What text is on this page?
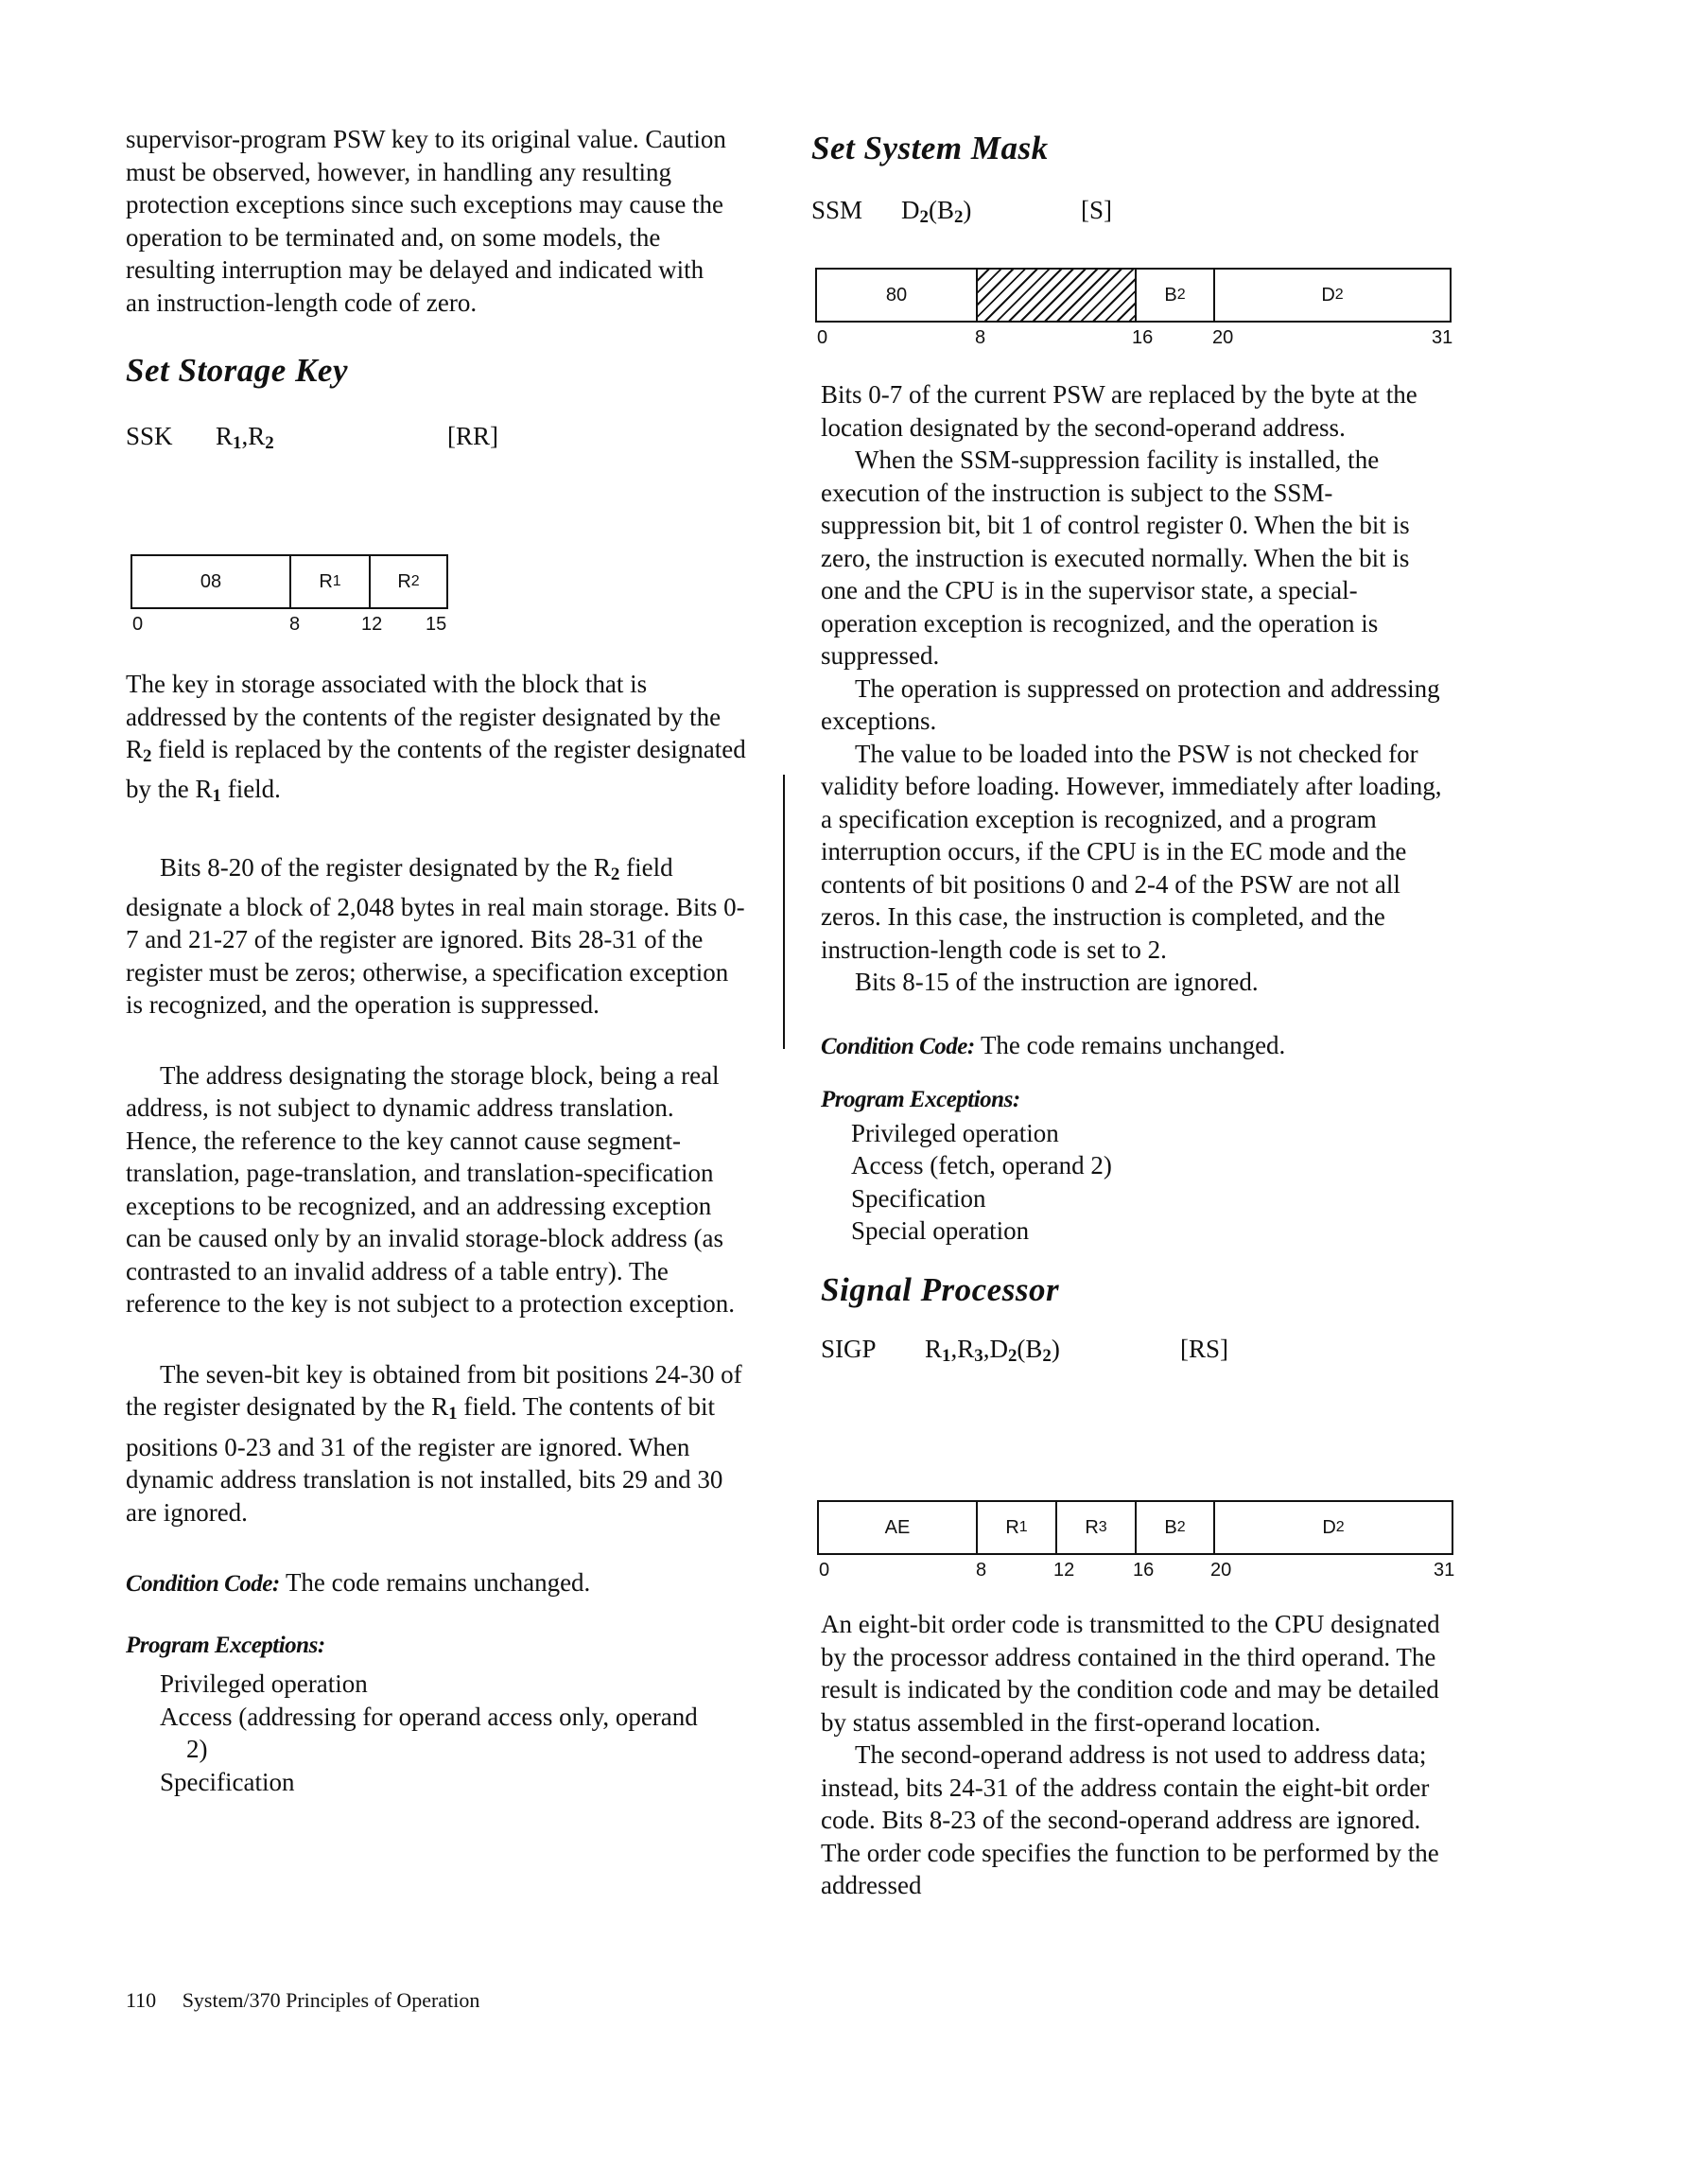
supervisor-program PSW key to its original value. Caution must be observed, however, in handling any resulting protection exceptions since such exceptions may cause the operation to be terminated and, on some models, the resulting interruption may be delayed and indicated with an instruction-length code of zero.

Set Storage Key
SSK	$R_1,R_2$	[RR]
08	R 1	R 2
0	8	12 15

The key in storage associated with the block that is addressed by the contents of the register designated by the $R_2$ field is replaced by the contents of the register designated by the $R_1$ field.

Bits 8-20 of the register designated by the $R_2$ field designate a block of 2,048 bytes in real main storage. Bits 0-7 and 21-27 of the register are ignored. Bits 28-31 of the register must be zeros; otherwise, a specification exception is recognized, and the operation is suppressed.

The address designating the storage block, being a real address, is not subject to dynamic address translation. Hence, the reference to the key cannot cause segment-translation, page-translation, and translation-specification exceptions to be recognized, and an addressing exception can be caused only by an invalid storage-block address (as contrasted to an invalid address of a table entry). The reference to the key is not subject to a protection exception.

The seven-bit key is obtained from bit positions 24-30 of the register designated by the $R_1$ field. The contents of bit positions 0-23 and 31 of the register are ignored. When dynamic address translation is not installed, bits 29 and 30 are ignored.

Condition Code: The code remains unchanged.

Program Exceptions:

Privileged operation
Access (addressing for operand access only, operand 2)
Specification
Set System Mask
SSM	$D_2(B_2)$	[S]
80	B 2	D 2
0	8	16	20	31

Bits 0-7 of the current PSW are replaced by the byte at the location designated by the second-operand address.

When the SSM-suppression facility is installed, the execution of the instruction is subject to the SSM-suppression bit, bit 1 of control register 0. When the bit is zero, the instruction is executed normally. When the bit is one and the CPU is in the supervisor state, a special-operation exception is recognized, and the operation is suppressed.

The operation is suppressed on protection and addressing exceptions.

The value to be loaded into the PSW is not checked for validity before loading. However, immediately after loading, a specification exception is recognized, and a program interruption occurs, if the CPU is in the EC mode and the contents of bit positions 0 and 2-4 of the PSW are not all zeros. In this case, the instruction is completed, and the instruction-length code is set to 2.

Bits 8-15 of the instruction are ignored.

Condition Code: The code remains unchanged.

Program Exceptions:

Privileged operation
Access (fetch, operand 2)
Specification
Special operation
Signal Processor
SIGP	$R_1,R_3,D_2(B_2)$	[RS]
AE	R 1	R 3	B 2	D 2
0	8	12	16	20	31

An eight-bit order code is transmitted to the CPU designated by the processor address contained in the third operand. The result is indicated by the condition code and may be detailed by status assembled in the first-operand location.

The second-operand address is not used to address data; instead, bits 24-31 of the address contain the eight-bit order code. Bits 8-23 of the second-operand address are ignored. The order code specifies the function to be performed by the addressed

110 System/370 Principles of Operation
